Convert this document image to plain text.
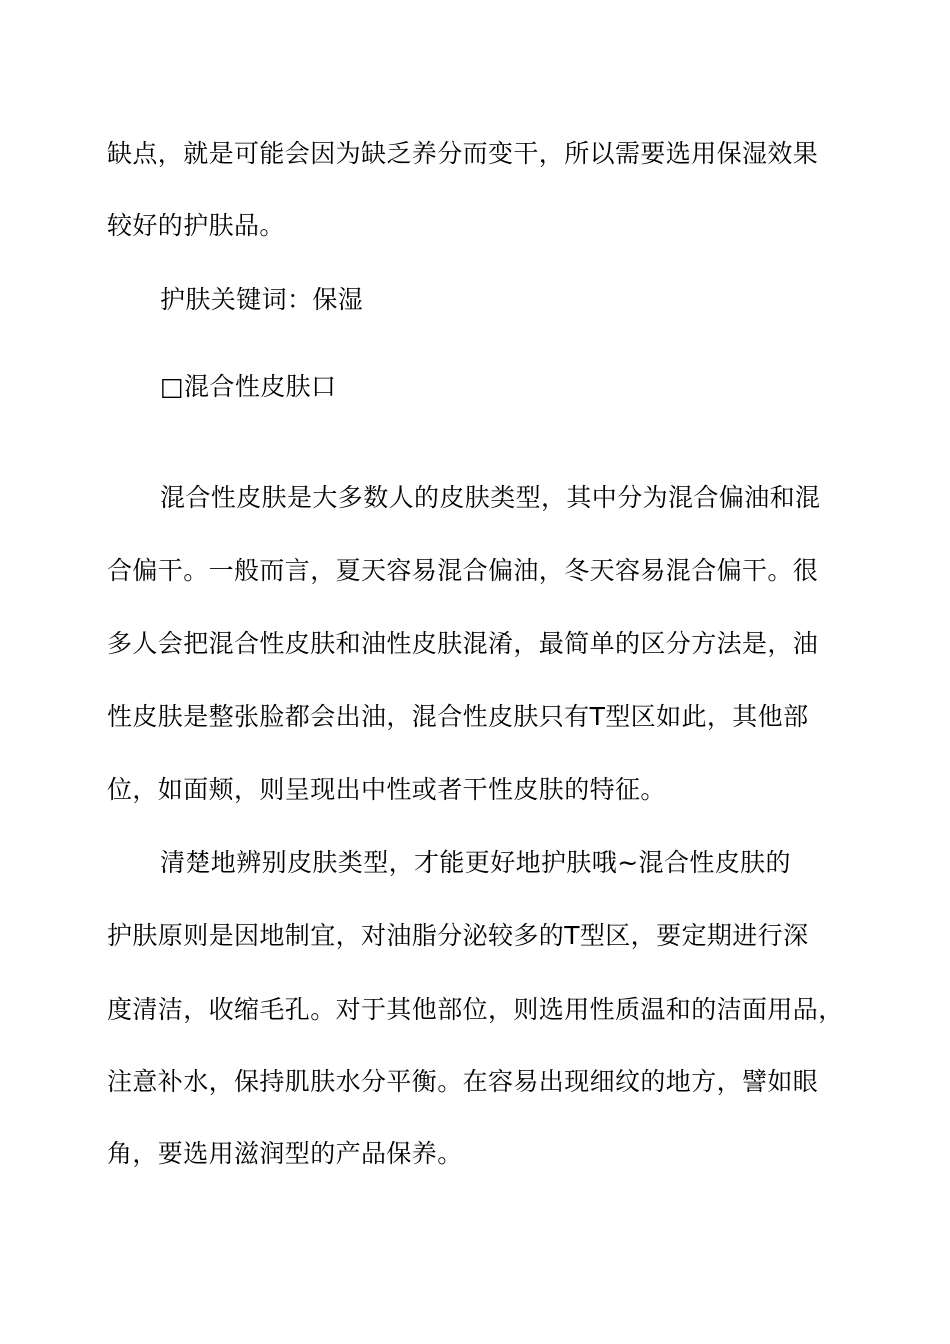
缺点，就是可能会因为缺乏养分而变干，所以需要选用保湿效果

较好的护肤品。

护肤关键词：保湿

□混合性皮肤口

混合性皮肤是大多数人的皮肤类型，其中分为混合偏油和混

合偏干。一般而言，夏天容易混合偏油，冬天容易混合偏干。很

多人会把混合性皮肤和油性皮肤混淆，最简单的区分方法是，油

性皮肤是整张脸都会出油，混合性皮肤只有T型区如此，其他部

位，如面颊，则呈现出中性或者干性皮肤的特征。

清楚地辨别皮肤类型，才能更好地护肤哦~混合性皮肤的

护肤原则是因地制宜，对油脂分泌较多的T型区，要定期进行深

度清洁，收缩毛孔。对于其他部位，则选用性质温和的洁面用品，

注意补水，保持肌肤水分平衡。在容易出现细纹的地方，譬如眼

角，要选用滋润型的产品保养。
